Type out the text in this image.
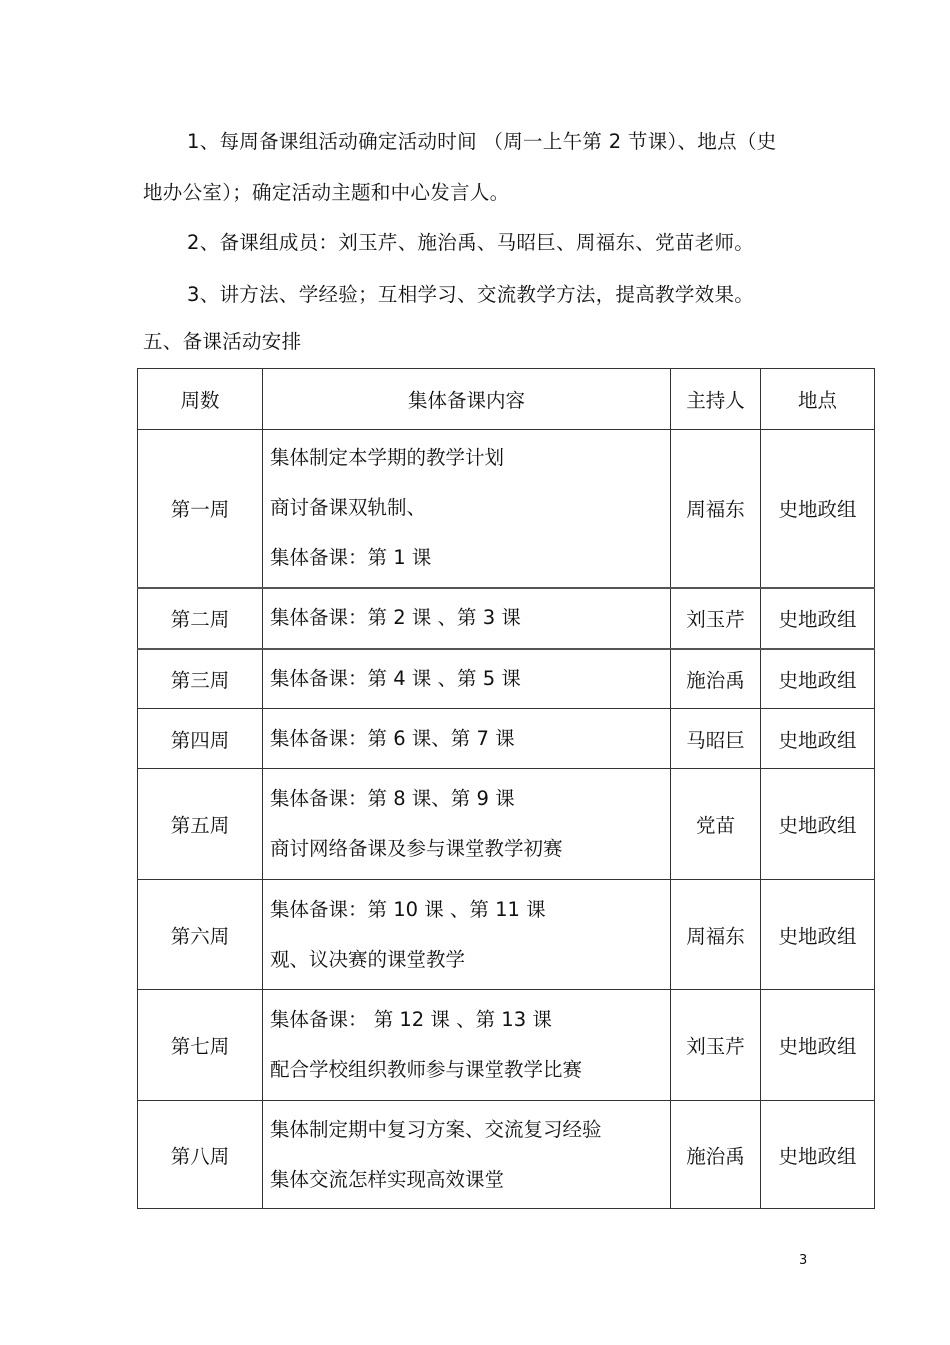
1、每周备课组活动确定活动时间 （周一上午第 2 节课）、地点（史
地办公室）；确定活动主题和中心发言人。
2、备课组成员：刘玉芹、施治禹、马昭巨、周福东、党苗老师。
3、讲方法、学经验；互相学习、交流教学方法，提高教学效果。
五、备课活动安排
周数	集体备课内容	主持人	地点
第一周	集体制定本学期的教学计划
商讨备课双轨制、
集体备课：第 1 课	周福东	史地政组
第二周	集体备课：第 2 课 、第 3 课	刘玉芹	史地政组
第三周	集体备课：第 4 课 、第 5 课	施治禹	史地政组
第四周	集体备课：第 6 课、第 7 课	马昭巨	史地政组
第五周	集体备课：第 8 课、第 9 课
商讨网络备课及参与课堂教学初赛	党苗	史地政组
第六周	集体备课：第 10 课 、第 11 课
观、议决赛的课堂教学	周福东	史地政组
第七周	集体备课： 第 12 课 、第 13 课
配合学校组织教师参与课堂教学比赛	刘玉芹	史地政组
第八周	集体制定期中复习方案、交流复习经验
集体交流怎样实现高效课堂	施治禹	史地政组
3
